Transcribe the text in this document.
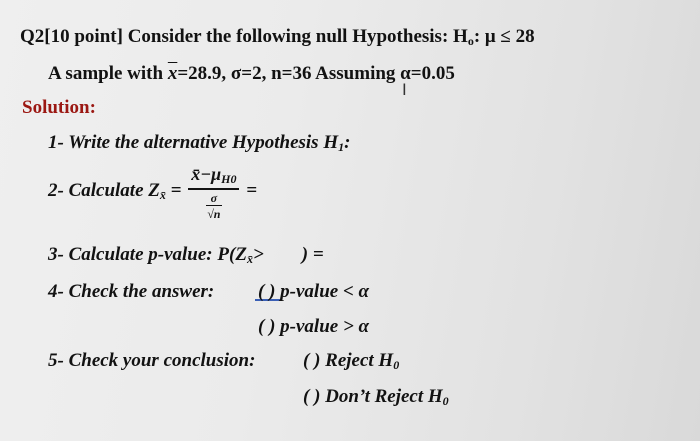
Q2[10 point] Consider the following null Hypothesis: Ho: μ ≤ 28
A sample with $\overline{x}=28.9$, σ=2, n=36 Assuming α=0.05
I
Solution:
1- Write the alternative Hypothesis H1:
2- Calculate Zx̄ = x̄−μH0
σ
√n =
3- Calculate p-value: P(Zx̄> ) =
4- Check the answer: ( ) p-value < α
( ) p-value > α
5- Check your conclusion:	( ) Reject H0
( ) Don’t Reject H0
